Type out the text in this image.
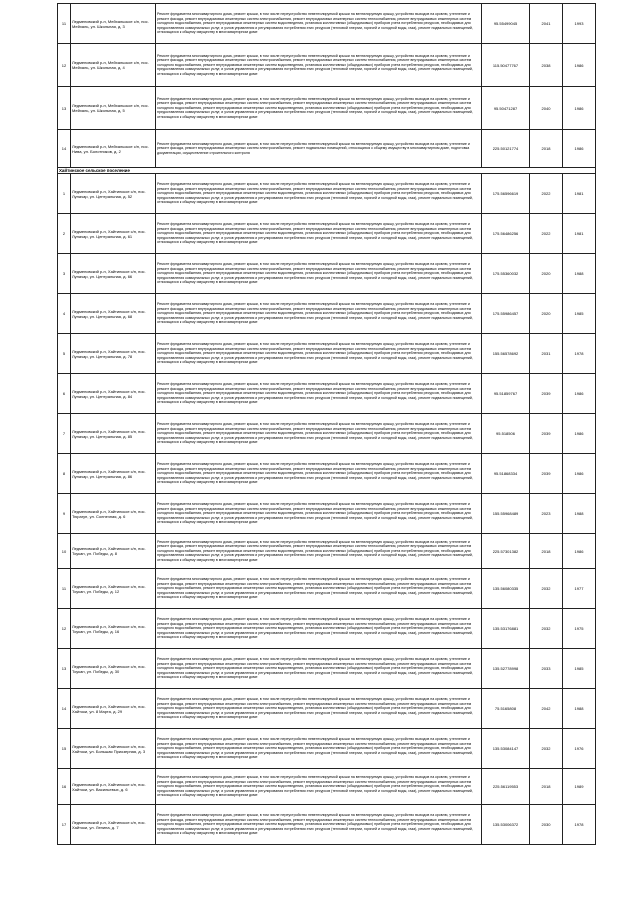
11	Ледменовский р-н, Мейхальское с/п, пос. Мейхаль, ул. Школьная, д. 3	Ремонт фундамента многоквартирного дома, ремонт крыши, в том числе переустройство невентилируемой крыши на вентилируемую крышу, устройство выходов на кровлю, утепление и ремонт фасада, ремонт внутридомовых инженерных систем электроснабжения, ремонт внутридомовых инженерных систем теплоснабжения, ремонт внутридомовых инженерных систем холодного водоснабжения, ремонт внутридомовых инженерных систем водоотведения, установка коллективных (общедомовых) приборов учета потребления ресурсов, необходимых для предоставления коммунальных услуг, и узлов управления и регулирования потребления этих ресурсов (тепловой энергии, горячей и холодной воды, газа), ремонт подвальных помещений, относящихся к общему имуществу в многоквартирном доме	95.55499045	2041	1993
12	Ледменовский р-н, Мейхальское с/п, пос. Мейхаль, ул. Школьная, д. 4	Ремонт фундамента многоквартирного дома, ремонт крыши, в том числе переустройство невентилируемой крыши на вентилируемую крышу, устройство выходов на кровлю, утепление и ремонт фасада, ремонт внутридомовых инженерных систем электроснабжения, ремонт внутридомовых инженерных систем теплоснабжения, ремонт внутридомовых инженерных систем холодного водоснабжения, ремонт внутридомовых инженерных систем водоотведения, установка коллективных (общедомовых) приборов учета потребления ресурсов, необходимых для предоставления коммунальных услуг, и узлов управления и регулирования потребления этих ресурсов (тепловой энергии, горячей и холодной воды, газа), ремонт подвальных помещений, относящихся к общему имуществу в многоквартирном доме	115.50477767	2038	1986
13	Ледменовский р-н, Мейхальское с/п, пос. Мейхаль, ул. Школьная, д. 5	Ремонт фундамента многоквартирного дома, ремонт крыши, в том числе переустройство невентилируемой крыши на вентилируемую крышу, устройство выходов на кровлю, утепление и ремонт фасада, ремонт внутридомовых инженерных систем электроснабжения, ремонт внутридомовых инженерных систем теплоснабжения, ремонт внутридомовых инженерных систем холодного водоснабжения, ремонт внутридомовых инженерных систем водоотведения, установка коллективных (общедомовых) приборов учета потребления ресурсов, необходимых для предоставления коммунальных услуг, и узлов управления и регулирования потребления этих ресурсов (тепловой энергии, горячей и холодной воды, газа), ремонт подвальных помещений, относящихся к общему имуществу в многоквартирном доме	95.50471287	2040	1986
14	Ледменовский р-н, Мейхальское с/п, пос. Нива, ул. Болотников, д. 2	Ремонт фундамента многоквартирного дома, ремонт крыши, в том числе переустройство невентилируемой крыши на вентилируемую крышу, устройство выходов на кровлю, утепление и ремонт фасада, ремонт внутридомовых инженерных систем электроснабжения, ремонт подвальных помещений, относящихся к общему имуществу в многоквартирном доме, подготовка документации, осуществление строительного контроля	225.50121774	2018	1986
Хайтинское сельское поселение					
1	Ледменовский р-н, Хайтинское с/п, пос. Луначар, ул. Центральная, д. 52	Ремонт фундамента многоквартирного дома, ремонт крыши, в том числе переустройство невентилируемой крыши на вентилируемую крышу, устройство выходов на кровлю, утепление и ремонт фасада, ремонт внутридомовых инженерных систем электроснабжения, ремонт внутридомовых инженерных систем теплоснабжения, ремонт внутридомовых инженерных систем холодного водоснабжения, ремонт внутридомовых инженерных систем водоотведения, установка коллективных (общедомовых) приборов учета потребления ресурсов, необходимых для предоставления коммунальных услуг, и узлов управления и регулирования потребления этих ресурсов (тепловой энергии, горячей и холодной воды, газа), ремонт подвальных помещений, относящихся к общему имуществу в многоквартирном доме	175.56596619	2022	1981
2	Ледменовский р-н, Хайтинское с/п, пос. Луначар, ул. Центральная, д. 61	Ремонт фундамента многоквартирного дома, ремонт крыши, в том числе переустройство невентилируемой крыши на вентилируемую крышу, устройство выходов на кровлю, утепление и ремонт фасада, ремонт внутридомовых инженерных систем электроснабжения, ремонт внутридомовых инженерных систем теплоснабжения, ремонт внутридомовых инженерных систем холодного водоснабжения, ремонт внутридомовых инженерных систем водоотведения, установка коллективных (общедомовых) приборов учета потребления ресурсов, необходимых для предоставления коммунальных услуг, и узлов управления и регулирования потребления этих ресурсов (тепловой энергии, горячей и холодной воды, газа), ремонт подвальных помещений, относящихся к общему имуществу в многоквартирном доме	175.56486256	2022	1981
3	Ледменовский р-н, Хайтинское с/п, пос. Луначар, ул. Центральная, д. 66	Ремонт фундамента многоквартирного дома, ремонт крыши, в том числе переустройство невентилируемой крыши на вентилируемую крышу, устройство выходов на кровлю, утепление и ремонт фасада, ремонт внутридомовых инженерных систем электроснабжения, ремонт внутридомовых инженерных систем теплоснабжения, ремонт внутридомовых инженерных систем холодного водоснабжения, ремонт внутридомовых инженерных систем водоотведения, установка коллективных (общедомовых) приборов учета потребления ресурсов, необходимых для предоставления коммунальных услуг, и узлов управления и регулирования потребления этих ресурсов (тепловой энергии, горячей и холодной воды, газа), ремонт подвальных помещений, относящихся к общему имуществу в многоквартирном доме	175.55360032	2020	1988
4	Ледменовский р-н, Хайтинское с/п, пос. Луначар, ул. Центральная, д. 68	Ремонт фундамента многоквартирного дома, ремонт крыши, в том числе переустройство невентилируемой крыши на вентилируемую крышу, устройство выходов на кровлю, утепление и ремонт фасада, ремонт внутридомовых инженерных систем электроснабжения, ремонт внутридомовых инженерных систем теплоснабжения, ремонт внутридомовых инженерных систем холодного водоснабжения, ремонт внутридомовых инженерных систем водоотведения, установка коллективных (общедомовых) приборов учета потребления ресурсов, необходимых для предоставления коммунальных услуг, и узлов управления и регулирования потребления этих ресурсов (тепловой энергии, горячей и холодной воды, газа), ремонт подвальных помещений, относящихся к общему имуществу в многоквартирном доме	175.55986457	2020	1985
5	Ледменовский р-н, Хайтинское с/п, пос. Луначар, ул. Центральная, д. 78	Ремонт фундамента многоквартирного дома, ремонт крыши, в том числе переустройство невентилируемой крыши на вентилируемую крышу, устройство выходов на кровлю, утепление и ремонт фасада, ремонт внутридомовых инженерных систем электроснабжения, ремонт внутридомовых инженерных систем теплоснабжения, ремонт внутридомовых инженерных систем холодного водоснабжения, ремонт внутридомовых инженерных систем водоотведения, установка коллективных (общедомовых) приборов учета потребления ресурсов, необходимых для предоставления коммунальных услуг, и узлов управления и регулирования потребления этих ресурсов (тепловой энергии, горячей и холодной воды, газа), ремонт подвальных помещений, относящихся к общему имуществу в многоквартирном доме	155.56578692	2031	1978
6	Ледменовский р-н, Хайтинское с/п, пос. Луначар, ул. Центральная, д. 84	Ремонт фундамента многоквартирного дома, ремонт крыши, в том числе переустройство невентилируемой крыши на вентилируемую крышу, устройство выходов на кровлю, утепление и ремонт фасада, ремонт внутридомовых инженерных систем электроснабжения, ремонт внутридомовых инженерных систем теплоснабжения, ремонт внутридомовых инженерных систем холодного водоснабжения, ремонт внутридомовых инженерных систем водоотведения, установка коллективных (общедомовых) приборов учета потребления ресурсов, необходимых для предоставления коммунальных услуг, и узлов управления и регулирования потребления этих ресурсов (тепловой энергии, горячей и холодной воды, газа), ремонт подвальных помещений, относящихся к общему имуществу в многоквартирном доме	95.51859767	2039	1986
7	Ледменовский р-н, Хайтинское с/п, пос. Луначар, ул. Центральная, д. 85	Ремонт фундамента многоквартирного дома, ремонт крыши, в том числе переустройство невентилируемой крыши на вентилируемую крышу, устройство выходов на кровлю, утепление и ремонт фасада, ремонт внутридомовых инженерных систем электроснабжения, ремонт внутридомовых инженерных систем теплоснабжения, ремонт внутридомовых инженерных систем холодного водоснабжения, ремонт внутридомовых инженерных систем водоотведения, установка коллективных (общедомовых) приборов учета потребления ресурсов, необходимых для предоставления коммунальных услуг, и узлов управления и регулирования потребления этих ресурсов (тепловой энергии, горячей и холодной воды, газа), ремонт подвальных помещений, относящихся к общему имуществу в многоквартирном доме	95.518506	2039	1986
8	Ледменовский р-н, Хайтинское с/п, пос. Луначар, ул. Центральная, д. 86	Ремонт фундамента многоквартирного дома, ремонт крыши, в том числе переустройство невентилируемой крыши на вентилируемую крышу, устройство выходов на кровлю, утепление и ремонт фасада, ремонт внутридомовых инженерных систем электроснабжения, ремонт внутридомовых инженерных систем теплоснабжения, ремонт внутридомовых инженерных систем холодного водоснабжения, ремонт внутридомовых инженерных систем водоотведения, установка коллективных (общедомовых) приборов учета потребления ресурсов, необходимых для предоставления коммунальных услуг, и узлов управления и регулирования потребления этих ресурсов (тепловой энергии, горячей и холодной воды, газа), ремонт подвальных помещений, относящихся к общему имуществу в многоквартирном доме	95.51868334	2039	1986
9	Ледменовский р-н, Хайтинское с/п, пос. Тюрагуп, ул. Солнечная, д. 6	Ремонт фундамента многоквартирного дома, ремонт крыши, в том числе переустройство невентилируемой крыши на вентилируемую крышу, устройство выходов на кровлю, утепление и ремонт фасада, ремонт внутридомовых инженерных систем электроснабжения, ремонт внутридомовых инженерных систем теплоснабжения, ремонт внутридомовых инженерных систем холодного водоснабжения, ремонт внутридомовых инженерных систем водоотведения, установка коллективных (общедомовых) приборов учета потребления ресурсов, необходимых для предоставления коммунальных услуг, и узлов управления и регулирования потребления этих ресурсов (тепловой энергии, горячей и холодной воды, газа), ремонт подвальных помещений, относящихся к общему имуществу в многоквартирном доме	155.55968489	2023	1988
10	Ледменовский р-н, Хайтинское с/п, пос. Тоукан, ул. Победы, д. 8	Ремонт фундамента многоквартирного дома, ремонт крыши, в том числе переустройство невентилируемой крыши на вентилируемую крышу, устройство выходов на кровлю, утепление и ремонт фасада, ремонт внутридомовых инженерных систем электроснабжения, ремонт внутридомовых инженерных систем теплоснабжения, ремонт внутридомовых инженерных систем холодного водоснабжения, ремонт внутридомовых инженерных систем водоотведения, установка коллективных (общедомовых) приборов учета потребления ресурсов, необходимых для предоставления коммунальных услуг, и узлов управления и регулирования потребления этих ресурсов (тепловой энергии, горячей и холодной воды, газа), ремонт подвальных помещений, относящихся к общему имуществу в многоквартирном доме	225.57301382	2018	1986
11	Ледменовский р-н, Хайтинское с/п, пос. Тоукан, ул. Победы, д. 12	Ремонт фундамента многоквартирного дома, ремонт крыши, в том числе переустройство невентилируемой крыши на вентилируемую крышу, устройство выходов на кровлю, утепление и ремонт фасада, ремонт внутридомовых инженерных систем электроснабжения, ремонт внутридомовых инженерных систем теплоснабжения, ремонт внутридомовых инженерных систем холодного водоснабжения, ремонт внутридомовых инженерных систем водоотведения, установка коллективных (общедомовых) приборов учета потребления ресурсов, необходимых для предоставления коммунальных услуг, и узлов управления и регулирования потребления этих ресурсов (тепловой энергии, горячей и холодной воды, газа), ремонт подвальных помещений, относящихся к общему имуществу в многоквартирном доме	135.56080335	2032	1977
12	Ледменовский р-н, Хайтинское с/п, пос. Тоукан, ул. Победы, д. 16	Ремонт фундамента многоквартирного дома, ремонт крыши, в том числе переустройство невентилируемой крыши на вентилируемую крышу, устройство выходов на кровлю, утепление и ремонт фасада, ремонт внутридомовых инженерных систем электроснабжения, ремонт внутридомовых инженерных систем теплоснабжения, ремонт внутридомовых инженерных систем холодного водоснабжения, ремонт внутридомовых инженерных систем водоотведения, установка коллективных (общедомовых) приборов учета потребления ресурсов, необходимых для предоставления коммунальных услуг, и узлов управления и регулирования потребления этих ресурсов (тепловой энергии, горячей и холодной воды, газа), ремонт подвальных помещений, относящихся к общему имуществу в многоквартирном доме	135.53176881	2032	1975
13	Ледменовский р-н, Хайтинское с/п, пос. Тоукан, ул. Победы, д. 30	Ремонт фундамента многоквартирного дома, ремонт крыши, в том числе переустройство невентилируемой крыши на вентилируемую крышу, устройство выходов на кровлю, утепление и ремонт фасада, ремонт внутридомовых инженерных систем электроснабжения, ремонт внутридомовых инженерных систем теплоснабжения, ремонт внутридомовых инженерных систем холодного водоснабжения, ремонт внутридомовых инженерных систем водоотведения, установка коллективных (общедомовых) приборов учета потребления ресурсов, необходимых для предоставления коммунальных услуг, и узлов управления и регулирования потребления этих ресурсов (тепловой энергии, горячей и холодной воды, газа), ремонт подвальных помещений, относящихся к общему имуществу в многоквартирном доме	135.52778998	2033	1985
14	Ледменовский р-н, Хайтинское с/п, пос. Хайтоки, ул. 8 Марта, д. 29	Ремонт фундамента многоквартирного дома, ремонт крыши, в том числе переустройство невентилируемой крыши на вентилируемую крышу, устройство выходов на кровлю, утепление и ремонт фасада, ремонт внутридомовых инженерных систем электроснабжения, ремонт внутридомовых инженерных систем теплоснабжения, ремонт внутридомовых инженерных систем холодного водоснабжения, ремонт внутридомовых инженерных систем водоотведения, установка коллективных (общедомовых) приборов учета потребления ресурсов, необходимых для предоставления коммунальных услуг, и узлов управления и регулирования потребления этих ресурсов (тепловой энергии, горячей и холодной воды, газа), ремонт подвальных помещений, относящихся к общему имуществу в многоквартирном доме	75.5165808	2042	1988
15	Ледменовский р-н, Хайтинское с/п, пос. Хайтоки, ул. Большая Приозерная, д. 3	Ремонт фундамента многоквартирного дома, ремонт крыши, в том числе переустройство невентилируемой крыши на вентилируемую крышу, устройство выходов на кровлю, утепление и ремонт фасада, ремонт внутридомовых инженерных систем электроснабжения, ремонт внутридомовых инженерных систем теплоснабжения, ремонт внутридомовых инженерных систем холодного водоснабжения, ремонт внутридомовых инженерных систем водоотведения, установка коллективных (общедомовых) приборов учета потребления ресурсов, необходимых для предоставления коммунальных услуг, и узлов управления и регулирования потребления этих ресурсов (тепловой энергии, горячей и холодной воды, газа), ремонт подвальных помещений, относящихся к общему имуществу в многоквартирном доме	135.53084147	2032	1976
16	Ледменовский р-н, Хайтинское с/п, пос. Хайтоки, ул. Васильевых, д. 6	Ремонт фундамента многоквартирного дома, ремонт крыши, в том числе переустройство невентилируемой крыши на вентилируемую крышу, устройство выходов на кровлю, утепление и ремонт фасада, ремонт внутридомовых инженерных систем электроснабжения, ремонт внутридомовых инженерных систем теплоснабжения, ремонт внутридомовых инженерных систем холодного водоснабжения, ремонт внутридомовых инженерных систем водоотведения, установка коллективных (общедомовых) приборов учета потребления ресурсов, необходимых для предоставления коммунальных услуг, и узлов управления и регулирования потребления этих ресурсов (тепловой энергии, горячей и холодной воды, газа), ремонт подвальных помещений, относящихся к общему имуществу в многоквартирном доме	225.56119553	2018	1989
17	Ледменовский р-н, Хайтинское с/п, пос. Хайтоки, ул. Ленина, д. 7	Ремонт фундамента многоквартирного дома, ремонт крыши, в том числе переустройство невентилируемой крыши на вентилируемую крышу, устройство выходов на кровлю, утепление и ремонт фасада, ремонт внутридомовых инженерных систем электроснабжения, ремонт внутридомовых инженерных систем теплоснабжения, ремонт внутридомовых инженерных систем холодного водоснабжения, ремонт внутридомовых инженерных систем водоотведения, установка коллективных (общедомовых) приборов учета потребления ресурсов, необходимых для предоставления коммунальных услуг, и узлов управления и регулирования потребления этих ресурсов (тепловой энергии, горячей и холодной воды, газа), ремонт подвальных помещений, относящихся к общему имуществу в многоквартирном доме	135.53006372	2030	1978
